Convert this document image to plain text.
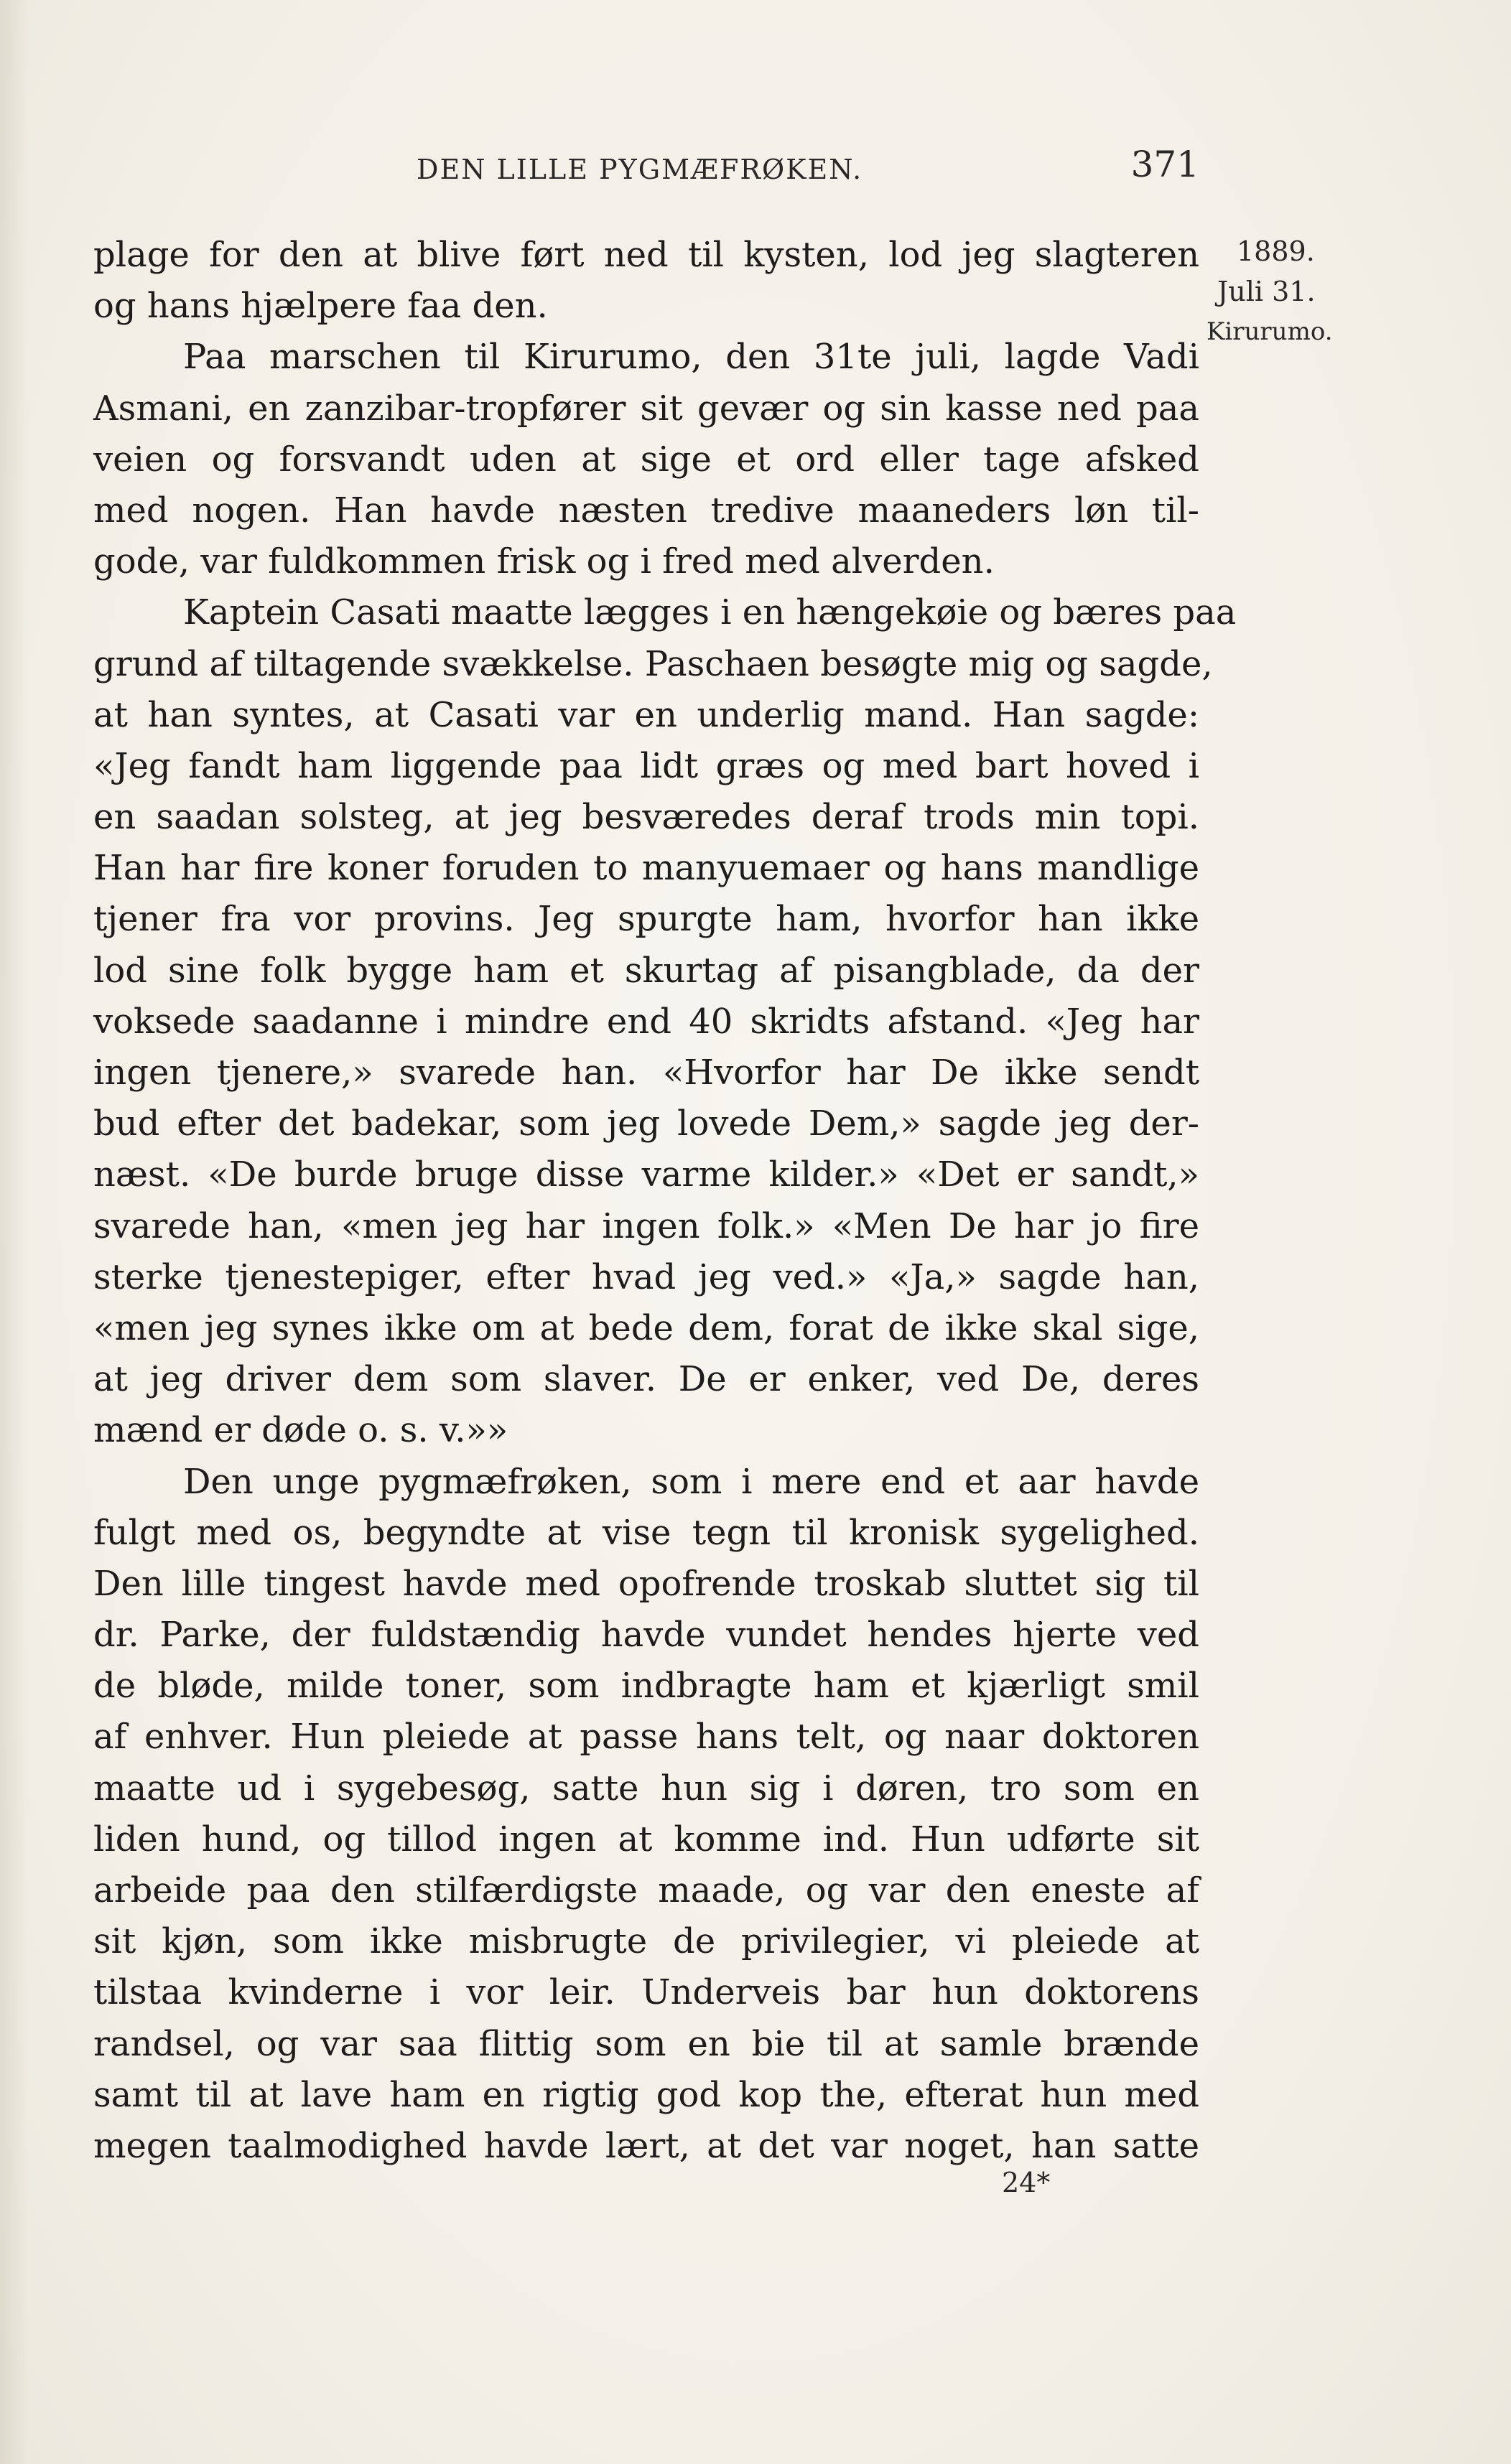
DEN LILLE PYGMÆFRØKEN.	371
1889.
Juli 31.
Kirurumo.
plage for den at blive ført ned til kysten, lod jeg slagteren
og hans hjælpere faa den.
Paa marschen til Kirurumo, den 31te juli, lagde Vadi
Asmani, en zanzibar-tropfører sit gevær og sin kasse ned paa
veien og forsvandt uden at sige et ord eller tage afsked
med nogen. Han havde næsten tredive maaneders løn til-
gode, var fuldkommen frisk og i fred med alverden.
Kaptein Casati maatte lægges i en hængekøie og bæres paa
grund af tiltagende svækkelse. Paschaen besøgte mig og sagde,
at han syntes, at Casati var en underlig mand. Han sagde:
«Jeg fandt ham liggende paa lidt græs og med bart hoved i
en saadan solsteg, at jeg besværedes deraf trods min topi.
Han har fire koner foruden to manyuemaer og hans mandlige
tjener fra vor provins. Jeg spurgte ham, hvorfor han ikke
lod sine folk bygge ham et skurtag af pisangblade, da der
voksede saadanne i mindre end 40 skridts afstand. «Jeg har
ingen tjenere,» svarede han. «Hvorfor har De ikke sendt
bud efter det badekar, som jeg lovede Dem,» sagde jeg der-
næst. «De burde bruge disse varme kilder.» «Det er sandt,»
svarede han, «men jeg har ingen folk.» «Men De har jo fire
sterke tjenestepiger, efter hvad jeg ved.» «Ja,» sagde han,
«men jeg synes ikke om at bede dem, forat de ikke skal sige,
at jeg driver dem som slaver. De er enker, ved De, deres
mænd er døde o. s. v.»»
Den unge pygmæfrøken, som i mere end et aar havde
fulgt med os, begyndte at vise tegn til kronisk sygelighed.
Den lille tingest havde med opofrende troskab sluttet sig til
dr. Parke, der fuldstændig havde vundet hendes hjerte ved
de bløde, milde toner, som indbragte ham et kjærligt smil
af enhver. Hun pleiede at passe hans telt, og naar doktoren
maatte ud i sygebesøg, satte hun sig i døren, tro som en
liden hund, og tillod ingen at komme ind. Hun udførte sit
arbeide paa den stilfærdigste maade, og var den eneste af
sit kjøn, som ikke misbrugte de privilegier, vi pleiede at
tilstaa kvinderne i vor leir. Underveis bar hun doktorens
randsel, og var saa flittig som en bie til at samle brænde
samt til at lave ham en rigtig god kop the, efterat hun med
megen taalmodighed havde lært, at det var noget, han satte
24*
